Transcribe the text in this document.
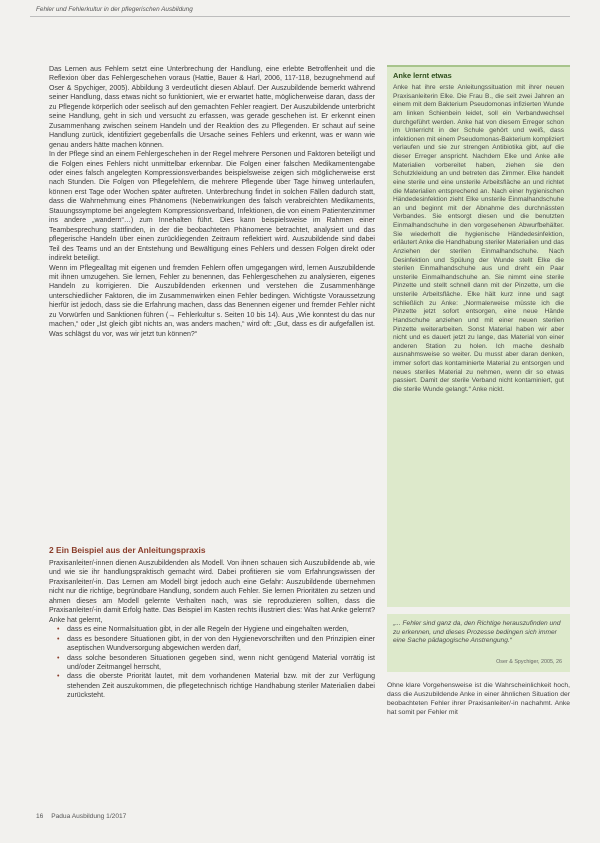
Fehler und Fehlerkultur in der pflegerischen Ausbildung

Das Lernen aus Fehlern setzt eine Unterbrechung der Handlung, eine erlebte Betroffenheit und die Reflexion über das Fehlergeschehen voraus (Hattie, Bauer & Harl, 2006, 117-118, bezugnehmend auf Oser & Spychiger, 2005). Abbildung 3 verdeutlicht diesen Ablauf. Der Auszubildende bemerkt während seiner Handlung, dass etwas nicht so funktioniert, wie er erwartet hatte, möglicherweise daran, dass der zu Pflegende körperlich oder seelisch auf den gemachten Fehler reagiert. Der Auszubildende unterbricht seine Handlung, geht in sich und versucht zu erfassen, was gerade geschehen ist. Er erkennt einen Zusammenhang zwischen seinem Handeln und der Reaktion des zu Pflegenden. Er schaut auf seine Handlung zurück, identifiziert gegebenfalls die Ursache seines Fehlers und erkennt, was er wann wie genau anders hätte machen können.

In der Pflege sind an einem Fehlergeschehen in der Regel mehrere Personen und Faktoren beteiligt und die Folgen eines Fehlers nicht unmittelbar erkennbar. Die Folgen einer falschen Medikamentengabe oder eines falsch angelegten Kompressionsverbandes beispielsweise zeigen sich möglicherweise erst nach Stunden. Die Folgen von Pflegefehlern, die mehrere Pflegende über Tage hinweg unterlaufen, können erst Tage oder Wochen später auftreten. Unterbrechung findet in solchen Fällen dadurch statt, dass die Wahrnehmung eines Phänomens (Nebenwirkungen des falsch verabreichten Medikaments, Stauungssymptome bei angelegtem Kompressionsverband, Infektionen, die von einem Patientenzimmer ins andere „wandern“…) zum Innehalten führt. Dies kann beispielsweise im Rahmen einer Teambesprechung stattfinden, in der die beobachteten Phänomene betrachtet, analysiert und das pflegerische Handeln über einen zurückliegenden Zeitraum reflektiert wird. Auszubildende sind dabei Teil des Teams und an der Entstehung und Bewältigung eines Fehlers und dessen Folgen direkt oder indirekt beteiligt.

Wenn im Pflegealltag mit eigenen und fremden Fehlern offen umgegangen wird, lernen Auszubildende mit ihnen umzugehen. Sie lernen, Fehler zu benennen, das Fehlergeschehen zu analysieren, eigenes Handeln zu korrigieren. Die Auszubildenden erkennen und verstehen die Zusammenhänge unterschiedlicher Faktoren, die im Zusammenwirken einen Fehler bedingen. Wichtigste Voraussetzung hierfür ist jedoch, dass sie die Erfahrung machen, dass das Benennen eigener und fremder Fehler nicht zu Vorwürfen und Sanktionen führen (→ Fehlerkultur s. Seiten 10 bis 14). Aus „Wie konntest du das nur machen,“ oder „Ist gleich gibt nichts an, was anders machen,“ wird oft: „Gut, dass es dir aufgefallen ist. Was schlägst du vor, was wir jetzt tun können?“

2 Ein Beispiel aus der Anleitungspraxis

Praxisanleiter/-innen dienen Auszubildenden als Modell. Von ihnen schauen sich Auszubildende ab, wie und wie sie ihr handlungspraktisch gemacht wird. Dabei profitieren sie vom Erfahrungswissen der Praxisanleiter/-in. Das Lernen am Modell birgt jedoch auch eine Gefahr: Auszubildende übernehmen nicht nur die richtige, begründbare Handlung, sondern auch Fehler. Sie lernen Prioritäten zu setzen und ahmen dieses am Modell gelernte Verhalten nach, was sie reproduzieren sollten, dass die Praxisanleiter/-in damit Erfolg hatte. Das Beispiel im Kasten rechts illustriert dies: Was hat Anke gelernt? Anke hat gelernt,

• dass es eine Normalsituation gibt, in der alle Regeln der Hygiene und eingehalten werden,
• dass es besondere Situationen gibt, in der von den Hygienevorschriften und den Prinzipien einer aseptischen Wundversorgung abgewichen werden darf,
• dass solche besonderen Situationen gegeben sind, wenn nicht genügend Material vorrätig ist und/oder Zeitmangel herrscht,
• dass die oberste Priorität lautet, mit dem vorhandenen Material bzw. mit der zur Verfügung stehenden Zeit auszukommen, die pflegetechnisch richtige Handhabung steriler Materialien dabei zurücksteht.
Anke lernt etwas
Anke hat ihre erste Anleitungssituation mit ihrer neuen Praxisanleiterin Elke. Die Frau B., die seit zwei Jahren an einem mit dem Bakterium Pseudomonas infizierten Wunde am linken Schienbein leidet, soll ein Verbandwechsel durchgeführt werden. Anke hat von diesem Erreger schon im Unterricht in der Schule gehört und weiß, dass infektionen mit einem Pseudomonas-Bakterium kompliziert verlaufen und sie zur strengen Antibiotika gibt, auf die dieser Erreger anspricht. Nachdem Elke und Anke alle Materialien vorbereitet haben, ziehen sie den Schutzkleidung an und betreten das Zimmer. Elke handelt eine sterile und eine unsterile Arbeitsfläche an und richtet die Materialien entsprechend an. Nach einer hygienischen Händedesinfektion zieht Elke unsterile Einmalhandschuhe an und beginnt mit der Abnahme des durchnässten Verbandes. Sie entsorgt diesen und die benutzten Einmalhandschuhe in den vorgesehenen Abwurfbehälter. Sie wiederholt die hygienische Händedesinfektion, erläutert Anke die Handhabung steriler Materialien und das Anziehen der sterilen Einmalhandschuhe. Nach Desinfektion und Spülung der Wunde stellt Elke die sterilen Einmalhandschuhe aus und dreht ein Paar unsterile Einmalhandschuhe an. Sie nimmt eine sterile Pinzette und stellt schnell dann mit der Pinzette, um die unsterile Arbeitsfläche. Elke hält kurz inne und sagt schließlich zu Anke: „Normalerweise müsste ich die Pinzette jetzt sofort entsorgen, eine neue Hände Handschuhe anziehen und mit einer neuen sterilen Pinzette weiterarbeiten. Sonst Material haben wir aber nicht und es dauert jetzt zu lange, das Material von einer anderen Station zu holen. Ich mache deshalb ausnahmsweise so weiter. Du musst aber daran denken, immer sofort das kontaminierte Material zu entsorgen und neues steriles Material zu nehmen, wenn dir so etwas passiert. Damit der sterile Verband nicht kontaminiert, gut die sterile Wunde gelangt.“ Anke nickt.
„... Fehler sind ganz da, den Richtige herauszufinden und zu erkennen, und dieses Prozesse bedingen sich immer eine Sache pädagogische Anstrengung.“
Oser & Spychiger, 2005, 26
Ohne klare Vorgehensweise ist die Wahrscheinlichkeit hoch, dass die Auszubildende Anke in einer ähnlichen Situation der beobachteten Fehler ihrer Praxisanleiter/-in nachahmt. Anke hat somit per Fehler mit
16 Padua Ausbildung 1/2017
